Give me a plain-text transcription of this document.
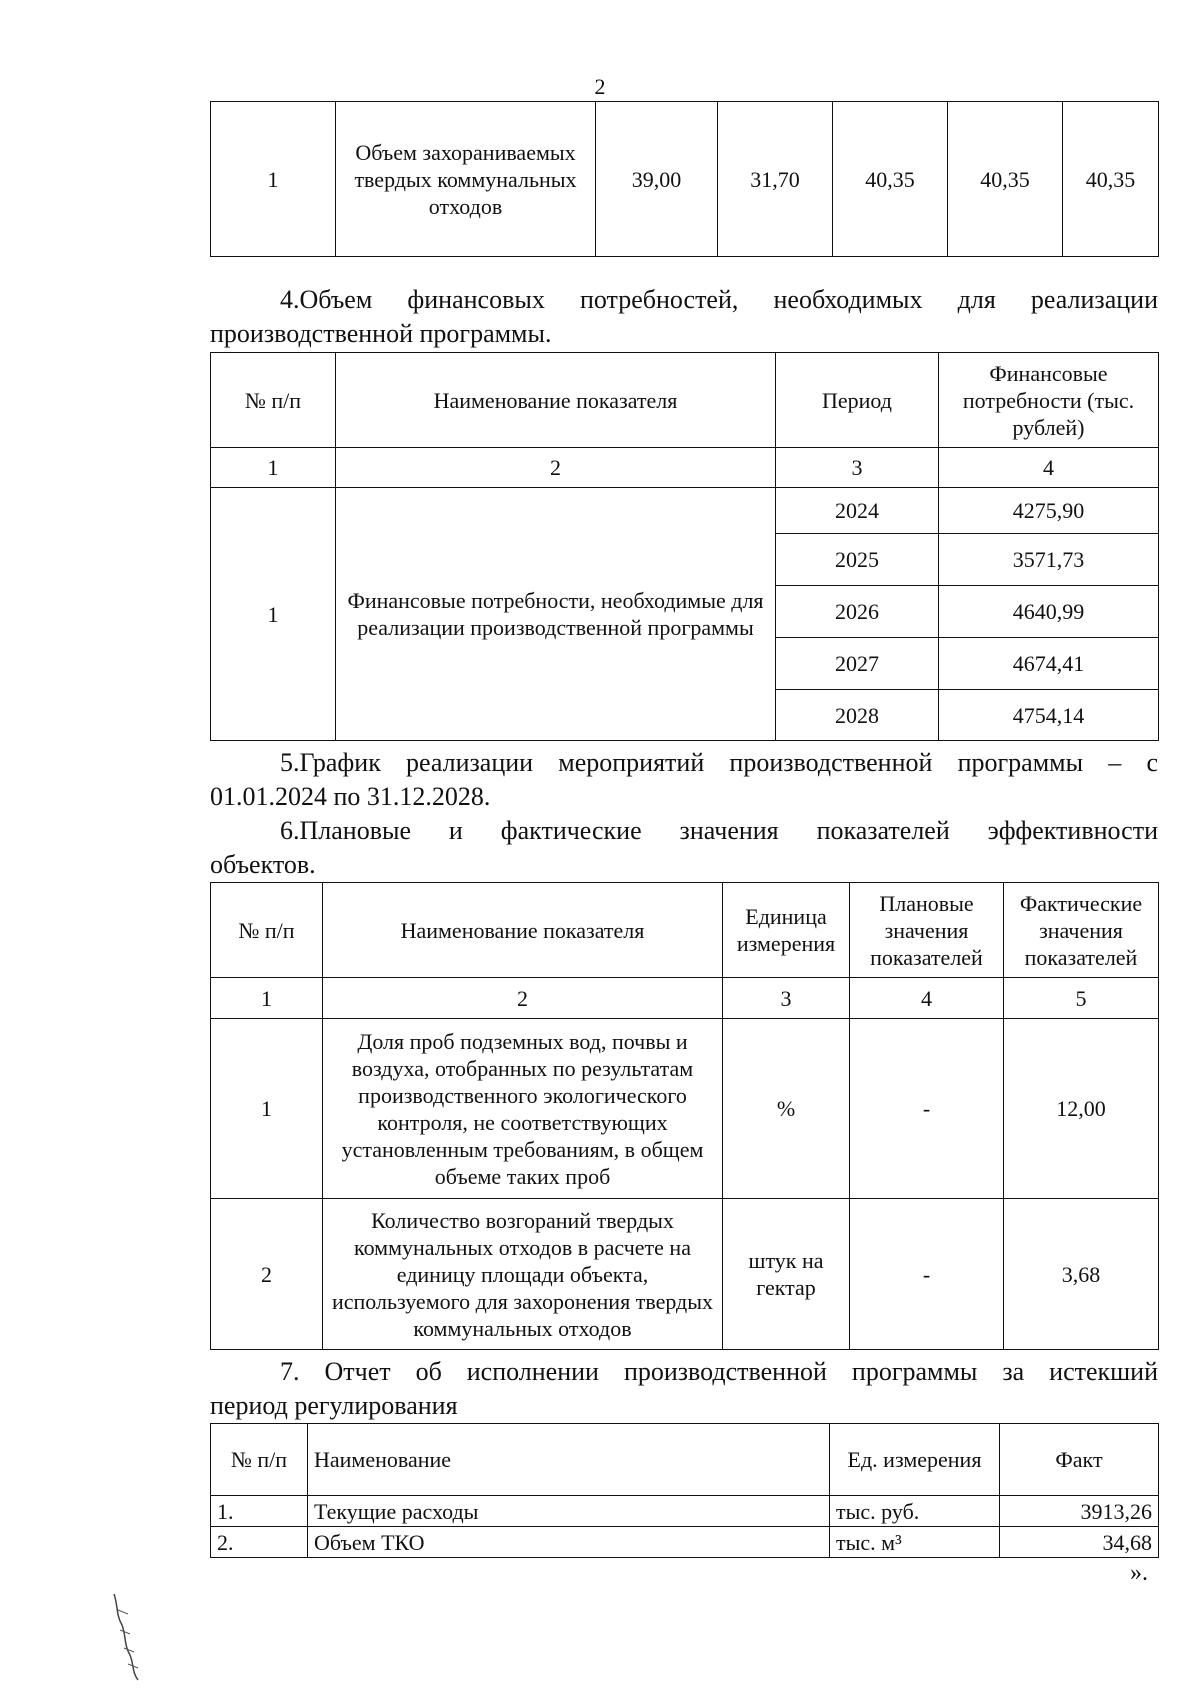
2
1	Объем захораниваемых твердых коммунальных отходов	39,00	31,70	40,35	40,35	40,35
4.Объем финансовых потребностей, необходимых для реализации
производственной программы.
№ п/п	Наименование показателя	Период	Финансовые потребности (тыс. рублей)
1	2	3	4
1	Финансовые потребности, необходимые для реализации производственной программы	2024	4275,90
		2025	3571,73
		2026	4640,99
		2027	4674,41
		2028	4754,14
5.График реализации мероприятий производственной программы – с
01.01.2024 по 31.12.2028.
6.Плановые и фактические значения показателей эффективности
объектов.
№ п/п	Наименование показателя	Единица измерения	Плановые значения показателей	Фактические значения показателей
1	2	3	4	5
1	Доля проб подземных вод, почвы и воздуха, отобранных по результатам производственного экологического контроля, не соответствующих установленным требованиям, в общем объеме таких проб	%	-	12,00
2	Количество возгораний твердых коммунальных отходов в расчете на единицу площади объекта, используемого для захоронения твердых коммунальных отходов	штук на гектар	-	3,68
7. Отчет об исполнении производственной программы за истекший
период регулирования
№ п/п	Наименование	Ед. измерения	Факт
1.	Текущие расходы	тыс. руб.	3913,26
2.	Объем ТКО	тыс. м³	34,68
».
